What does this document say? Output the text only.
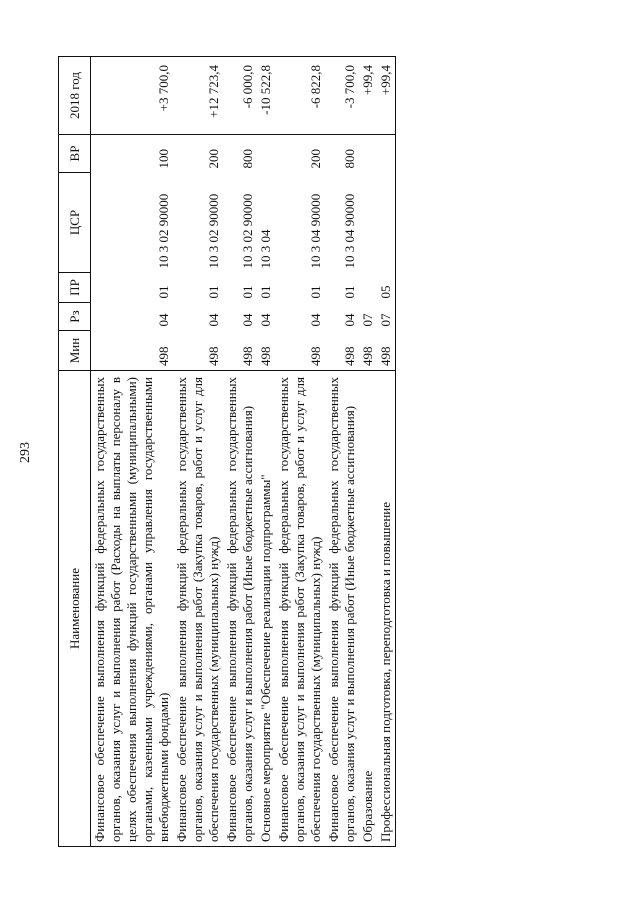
293
Наименование	Мин	Рз	ПР	ЦСР	ВР	2018 год
Финансовое обеспечение выполнения функций федеральных государственных органов, оказания услуг и выполнения работ (Расходы на выплаты персоналу в целях обеспечения выполнения функций государственными (муниципальными) органами, казенными учреждениями, органами управления государственными внебюджетными фондами)	498	04	01	10 3 02 90000	100	+3 700,0
Финансовое обеспечение выполнения функций федеральных государственных органов, оказания услуг и выполнения работ (Закупка товаров, работ и услуг для обеспечения государственных (муниципальных) нужд)	498	04	01	10 3 02 90000	200	+12 723,4
Финансовое обеспечение выполнения функций федеральных государственных органов, оказания услуг и выполнения работ (Иные бюджетные ассигнования)	498	04	01	10 3 02 90000	800	-6 000,0
Основное мероприятие "Обеспечение реализации подпрограммы"	498	04	01	10 3 04		-10 522,8
Финансовое обеспечение выполнения функций федеральных государственных органов, оказания услуг и выполнения работ (Закупка товаров, работ и услуг для обеспечения государственных (муниципальных) нужд)	498	04	01	10 3 04 90000	200	-6 822,8
Финансовое обеспечение выполнения функций федеральных государственных органов, оказания услуг и выполнения работ (Иные бюджетные ассигнования)	498	04	01	10 3 04 90000	800	-3 700,0
Образование	498	07				+99,4
Профессиональная подготовка, переподготовка и повышение	498	07	05			+99,4
